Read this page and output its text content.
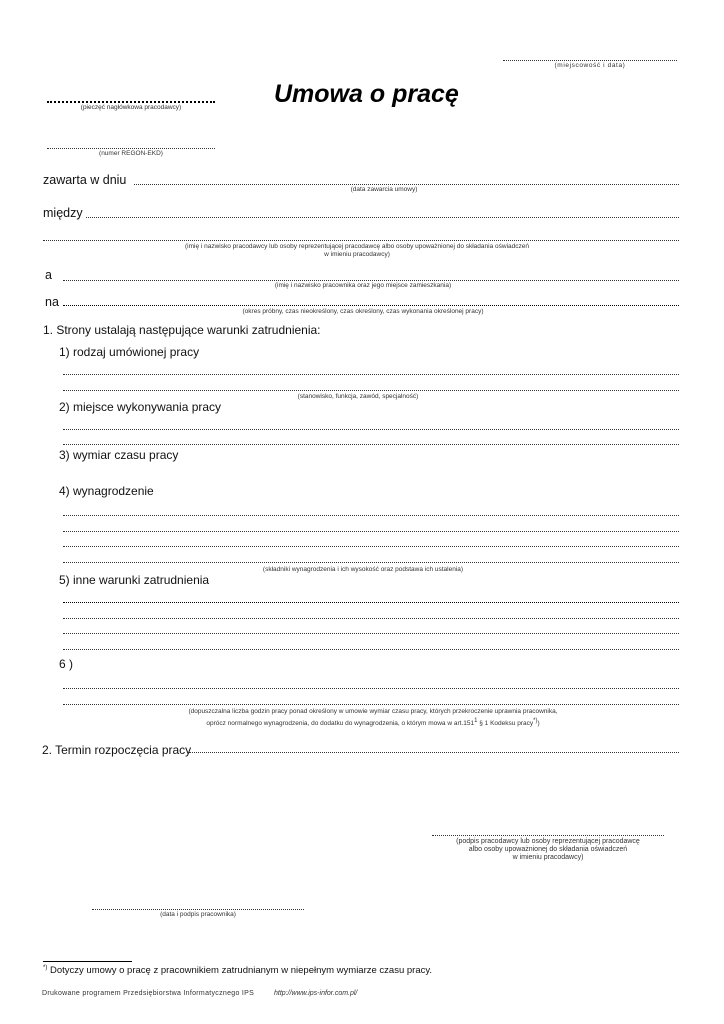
(miejscowość i data)
(pieczęć nagłówkowa pracodawcy)	Umowa o pracę
(numer REGON-EKD)
zawarta w dniu
(data zawarcia umowy)
między
(imię i nazwisko pracodawcy lub osoby reprezentującej pracodawcę albo osoby upoważnionej do składania oświadczeń
w imieniu pracodawcy)
a
(imię i nazwisko pracownika oraz jego miejsce zamieszkania)
na
(okres próbny, czas nieokreślony, czas określony, czas wykonania określonej pracy)
1. Strony ustalają następujące warunki zatrudnienia:
1) rodzaj umówionej pracy
(stanowisko, funkcja, zawód, specjalność)
2) miejsce wykonywania pracy
3) wymiar czasu pracy
4) wynagrodzenie
(składniki wynagrodzenia i ich wysokość oraz podstawa ich ustalenia)
5) inne warunki zatrudnienia
6 )
(dopuszczalna liczba godzin pracy ponad określony w umowie wymiar czasu pracy, których przekroczenie uprawnia pracownika,
oprócz normalnego wynagrodzenia, do dodatku do wynagrodzenia, o którym mowa w art.151$^1$ § 1 Kodeksu pracy*))
2. Termin rozpoczęcia pracy
(podpis pracodawcy lub osoby reprezentującej pracodawcę
albo osoby upoważnionej do składania oświadczeń
w imieniu pracodawcy)
(data i podpis pracownika)
*) Dotyczy umowy o pracę z pracownikiem zatrudnianym w niepełnym wymiarze czasu pracy.
Drukowane programem Przedsiębiorstwa Informatycznego IPS	http://www.ips-infor.com.pl/
